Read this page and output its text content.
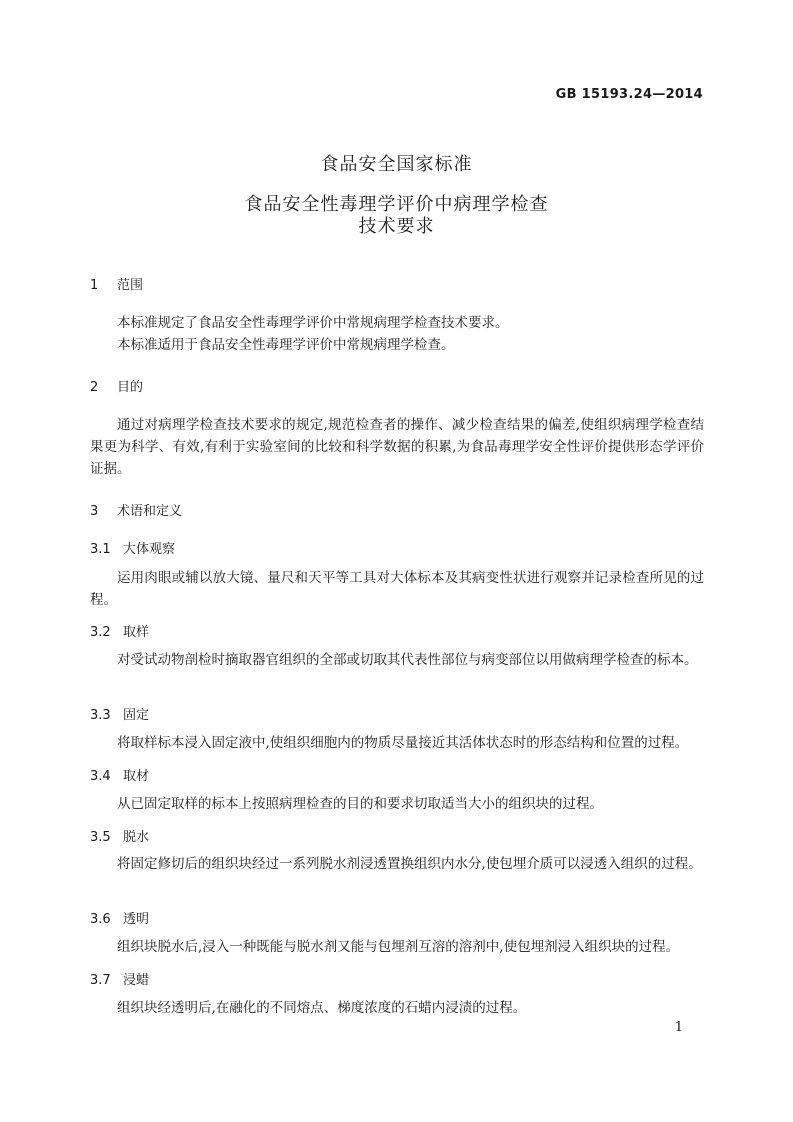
GB 15193.24—2014
食品安全国家标准
食品安全性毒理学评价中病理学检查
技术要求
1 范围
本标准规定了食品安全性毒理学评价中常规病理学检查技术要求。
本标准适用于食品安全性毒理学评价中常规病理学检查。
2 目的
通过对病理学检查技术要求的规定,规范检查者的操作、减少检查结果的偏差,使组织病理学检查结果更为科学、有效,有利于实验室间的比较和科学数据的积累,为食品毒理学安全性评价提供形态学评价证据。
3 术语和定义
3.1 大体观察
运用肉眼或辅以放大镜、量尺和天平等工具对大体标本及其病变性状进行观察并记录检查所见的过程。
3.2 取样
对受试动物剖检时摘取器官组织的全部或切取其代表性部位与病变部位以用做病理学检查的标本。
3.3 固定
将取样标本浸入固定液中,使组织细胞内的物质尽量接近其活体状态时的形态结构和位置的过程。
3.4 取材
从已固定取样的标本上按照病理检查的目的和要求切取适当大小的组织块的过程。
3.5 脱水
将固定修切后的组织块经过一系列脱水剂浸透置换组织内水分,使包埋介质可以浸透入组织的过程。
3.6 透明
组织块脱水后,浸入一种既能与脱水剂又能与包埋剂互溶的溶剂中,使包埋剂浸入组织块的过程。
3.7 浸蜡
组织块经透明后,在融化的不同熔点、梯度浓度的石蜡内浸渍的过程。
1
